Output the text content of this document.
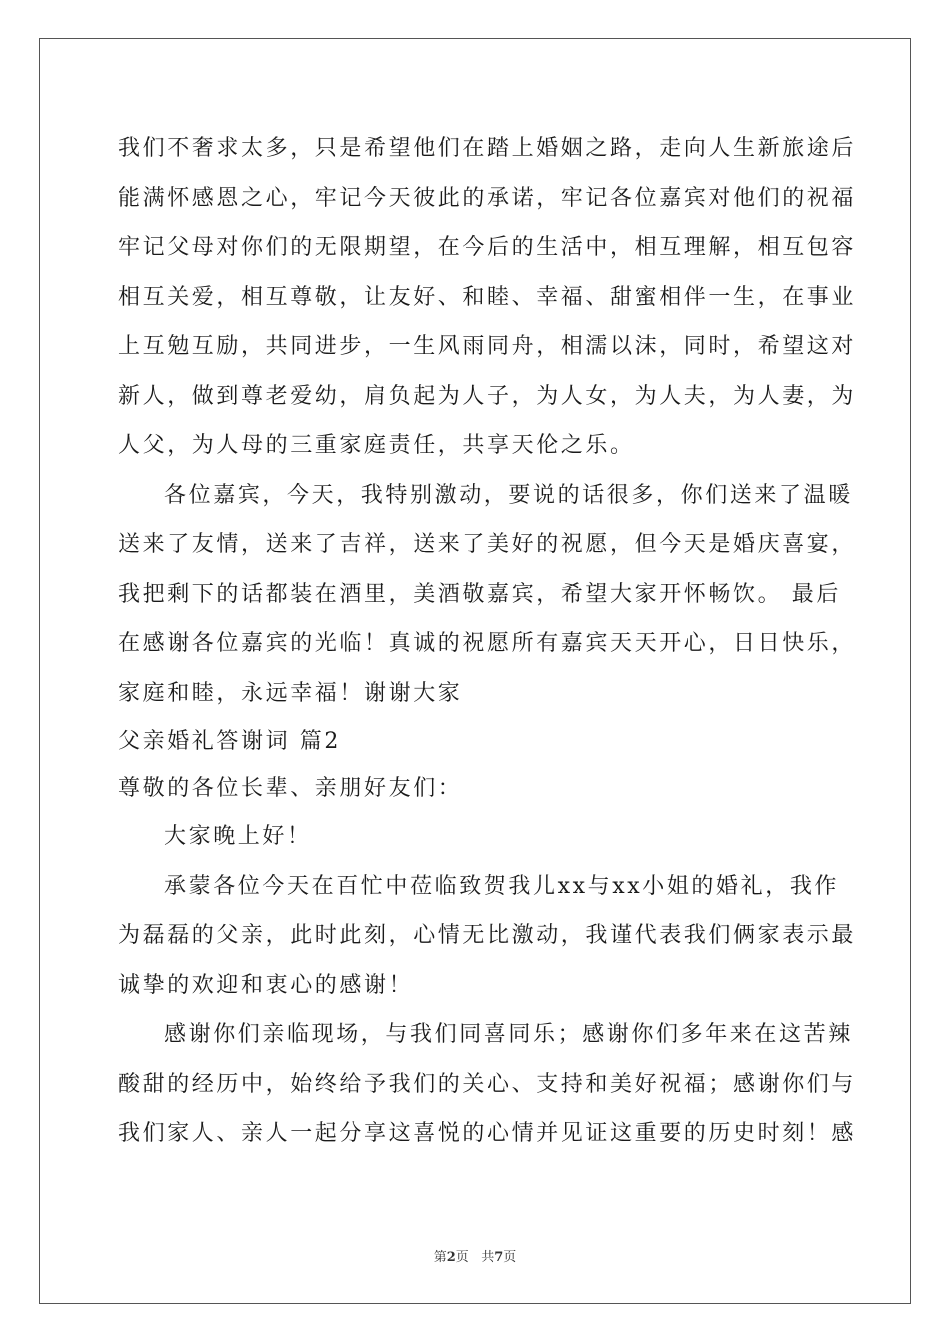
我们不奢求太多，只是希望他们在踏上婚姻之路，走向人生新旅途后
能满怀感恩之心，牢记今天彼此的承诺，牢记各位嘉宾对他们的祝福
牢记父母对你们的无限期望，在今后的生活中，相互理解，相互包容
相互关爱，相互尊敬，让友好、和睦、幸福、甜蜜相伴一生，在事业
上互勉互励，共同进步，一生风雨同舟，相濡以沫，同时，希望这对
新人，做到尊老爱幼，肩负起为人子，为人女，为人夫，为人妻，为
人父，为人母的三重家庭责任，共享天伦之乐。
各位嘉宾，今天，我特别激动，要说的话很多，你们送来了温暖
送来了友情，送来了吉祥，送来了美好的祝愿，但今天是婚庆喜宴，
我把剩下的话都装在酒里，美酒敬嘉宾，希望大家开怀畅饮。 最后
在感谢各位嘉宾的光临！真诚的祝愿所有嘉宾天天开心，日日快乐，
家庭和睦，永远幸福！谢谢大家
父亲婚礼答谢词 篇2
尊敬的各位长辈、亲朋好友们：
大家晚上好！
承蒙各位今天在百忙中莅临致贺我儿xx与xx小姐的婚礼，我作
为磊磊的父亲，此时此刻，心情无比激动，我谨代表我们俩家表示最
诚挚的欢迎和衷心的感谢！
感谢你们亲临现场，与我们同喜同乐；感谢你们多年来在这苦辣
酸甜的经历中，始终给予我们的关心、支持和美好祝福；感谢你们与
我们家人、亲人一起分享这喜悦的心情并见证这重要的历史时刻！感
第2页 共7页
